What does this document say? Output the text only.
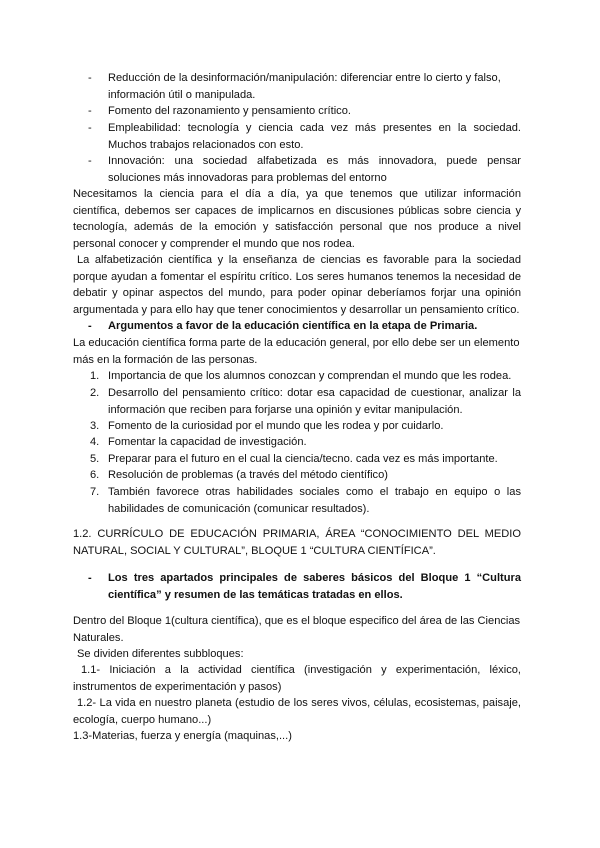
- Reducción de la desinformación/manipulación: diferenciar entre lo cierto y falso, información útil o manipulada.
- Fomento del razonamiento y pensamiento crítico.
- Empleabilidad: tecnología y ciencia cada vez más presentes en la sociedad. Muchos trabajos relacionados con esto.
- Innovación: una sociedad alfabetizada es más innovadora, puede pensar soluciones más innovadoras para problemas del entorno

Necesitamos la ciencia para el día a día, ya que tenemos que utilizar información científica, debemos ser capaces de implicarnos en discusiones públicas sobre ciencia y tecnología, además de la emoción y satisfacción personal que nos produce a nivel personal conocer y comprender el mundo que nos rodea.

La alfabetización científica y la enseñanza de ciencias es favorable para la sociedad porque ayudan a fomentar el espíritu crítico. Los seres humanos tenemos la necesidad de debatir y opinar aspectos del mundo, para poder opinar deberíamos forjar una opinión argumentada y para ello hay que tener conocimientos y desarrollar un pensamiento crítico.

- Argumentos a favor de la educación científica en la etapa de Primaria.

La educación científica forma parte de la educación general, por ello debe ser un elemento más en la formación de las personas.

1. Importancia de que los alumnos conozcan y comprendan el mundo que les rodea.
2. Desarrollo del pensamiento crítico: dotar esa capacidad de cuestionar, analizar la información que reciben para forjarse una opinión y evitar manipulación.
3. Fomento de la curiosidad por el mundo que les rodea y por cuidarlo.
4. Fomentar la capacidad de investigación.
5. Preparar para el futuro en el cual la ciencia/tecno. cada vez es más importante.
6. Resolución de problemas (a través del método científico)
7. También favorece otras habilidades sociales como el trabajo en equipo o las habilidades de comunicación (comunicar resultados).

1.2. CURRÍCULO DE EDUCACIÓN PRIMARIA, ÁREA “CONOCIMIENTO DEL MEDIO NATURAL, SOCIAL Y CULTURAL”, BLOQUE 1 “CULTURA CIENTÍFICA”.

- Los tres apartados principales de saberes básicos del Bloque 1 “Cultura científica” y resumen de las temáticas tratadas en ellos.

Dentro del Bloque 1(cultura científica), que es el bloque especifico del área de las Ciencias Naturales.

Se dividen diferentes subbloques:

1.1- Iniciación a la actividad científica (investigación y experimentación, léxico, instrumentos de experimentación y pasos)

1.2- La vida en nuestro planeta (estudio de los seres vivos, células, ecosistemas, paisaje, ecología, cuerpo humano...)

1.3-Materias, fuerza y energía (maquinas,...)
